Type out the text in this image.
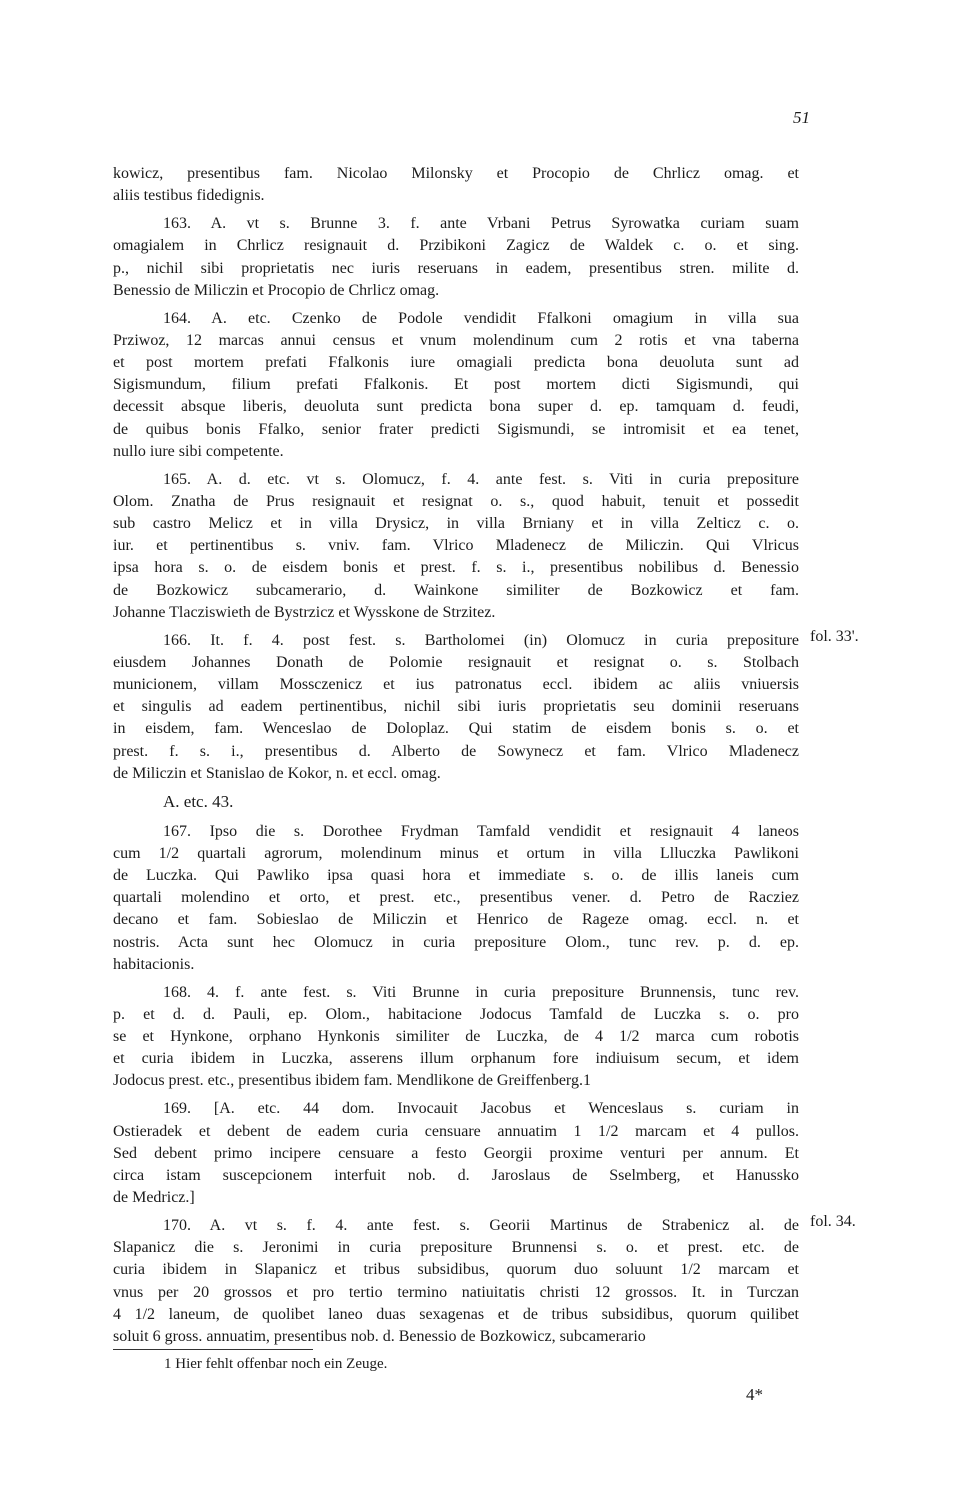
51
kowicz, presentibus fam. Nicolao Milonsky et Procopio de Chrlicz omag. et
aliis testibus fidedignis.
163. A. vt s. Brunne 3. f. ante Vrbani Petrus Syrowatka curiam suam
omagialem in Chrlicz resignauit d. Przibikoni Zagicz de Waldek c. o. et sing.
p., nichil sibi proprietatis nec iuris reseruans in eadem, presentibus stren. milite d.
Benessio de Miliczin et Procopio de Chrlicz omag.
164. A. etc. Czenko de Podole vendidit Ffalkoni omagium in villa sua
Prziwoz, 12 marcas annui census et vnum molendinum cum 2 rotis et vna taberna
et post mortem prefati Ffalkonis iure omagiali predicta bona deuoluta sunt ad
Sigismundum, filium prefati Ffalkonis. Et post mortem dicti Sigismundi, qui
decessit absque liberis, deuoluta sunt predicta bona super d. ep. tamquam d. feudi,
de quibus bonis Ffalko, senior frater predicti Sigismundi, se intromisit et ea tenet,
nullo iure sibi competente.
165. A. d. etc. vt s. Olomucz, f. 4. ante fest. s. Viti in curia prepositure
Olom. Znatha de Prus resignauit et resignat o. s., quod habuit, tenuit et possedit
sub castro Melicz et in villa Drysicz, in villa Brniany et in villa Zelticz c. o.
iur. et pertinentibus s. vniv. fam. Vlrico Mladenecz de Miliczin. Qui Vlricus
ipsa hora s. o. de eisdem bonis et prest. f. s. i., presentibus nobilibus d. Benessio
de Bozkowicz subcamerario, d. Wainkone similiter de Bozkowicz et fam.
Johanne Tlacziswieth de Bystrzicz et Wysskone de Strzitez.
166. It. f. 4. post fest. s. Bartholomei (in) Olomucz in curia prepositure
eiusdem Johannes Donath de Polomie resignauit et resignat o. s. Stolbach
municionem, villam Mossczenicz et ius patronatus eccl. ibidem ac aliis vniuersis
et singulis ad eadem pertinentibus, nichil sibi iuris proprietatis seu dominii reseruans
in eisdem, fam. Wenceslao de Doloplaz. Qui statim de eisdem bonis s. o. et
prest. f. s. i., presentibus d. Alberto de Sowynecz et fam. Vlrico Mladenecz
de Miliczin et Stanislao de Kokor, n. et eccl. omag.
A. etc. 43.
167. Ipso die s. Dorothee Frydman Tamfald vendidit et resignauit 4 laneos
cum 1/2 quartali agrorum, molendinum minus et ortum in villa Llluczka Pawlikoni
de Luczka. Qui Pawliko ipsa quasi hora et immediate s. o. de illis laneis cum
quartali molendino et orto, et prest. etc., presentibus vener. d. Petro de Racziez
decano et fam. Sobieslao de Miliczin et Henrico de Rageze omag. eccl. n. et
nostris. Acta sunt hec Olomucz in curia prepositure Olom., tunc rev. p. d. ep.
habitacionis.
168. 4. f. ante fest. s. Viti Brunne in curia prepositure Brunnensis, tunc rev.
p. et d. d. Pauli, ep. Olom., habitacione Jodocus Tamfald de Luczka s. o. pro
se et Hynkone, orphano Hynkonis similiter de Luczka, de 4 1/2 marca cum robotis
et curia ibidem in Luczka, asserens illum orphanum fore indiuisum secum, et idem
Jodocus prest. etc., presentibus ibidem fam. Mendlikone de Greiffenberg.1
169. [A. etc. 44 dom. Invocauit Jacobus et Wenceslaus s. curiam in
Ostieradek et debent de eadem curia censuare annuatim 1 1/2 marcam et 4 pullos.
Sed debent primo incipere censuare a festo Georgii proxime venturi per annum. Et
circa istam suscepcionem interfuit nob. d. Jaroslaus de Sselmberg, et Hanussko
de Medricz.]
170. A. vt s. f. 4. ante fest. s. Georii Martinus de Strabenicz al. de
Slapanicz die s. Jeronimi in curia prepositure Brunnensi s. o. et prest. etc. de
curia ibidem in Slapanicz et tribus subsidibus, quorum duo soluunt 1/2 marcam et
vnus per 20 grossos et pro tertio termino natiuitatis christi 12 grossos. It. in Turczan
4 1/2 laneum, de quolibet laneo duas sexagenas et de tribus subsidibus, quorum quilibet
soluit 6 gross. annuatim, presentibus nob. d. Benessio de Bozkowicz, subcamerario
fol. 33'.
fol. 34.
1 Hier fehlt offenbar noch ein Zeuge.
4*
